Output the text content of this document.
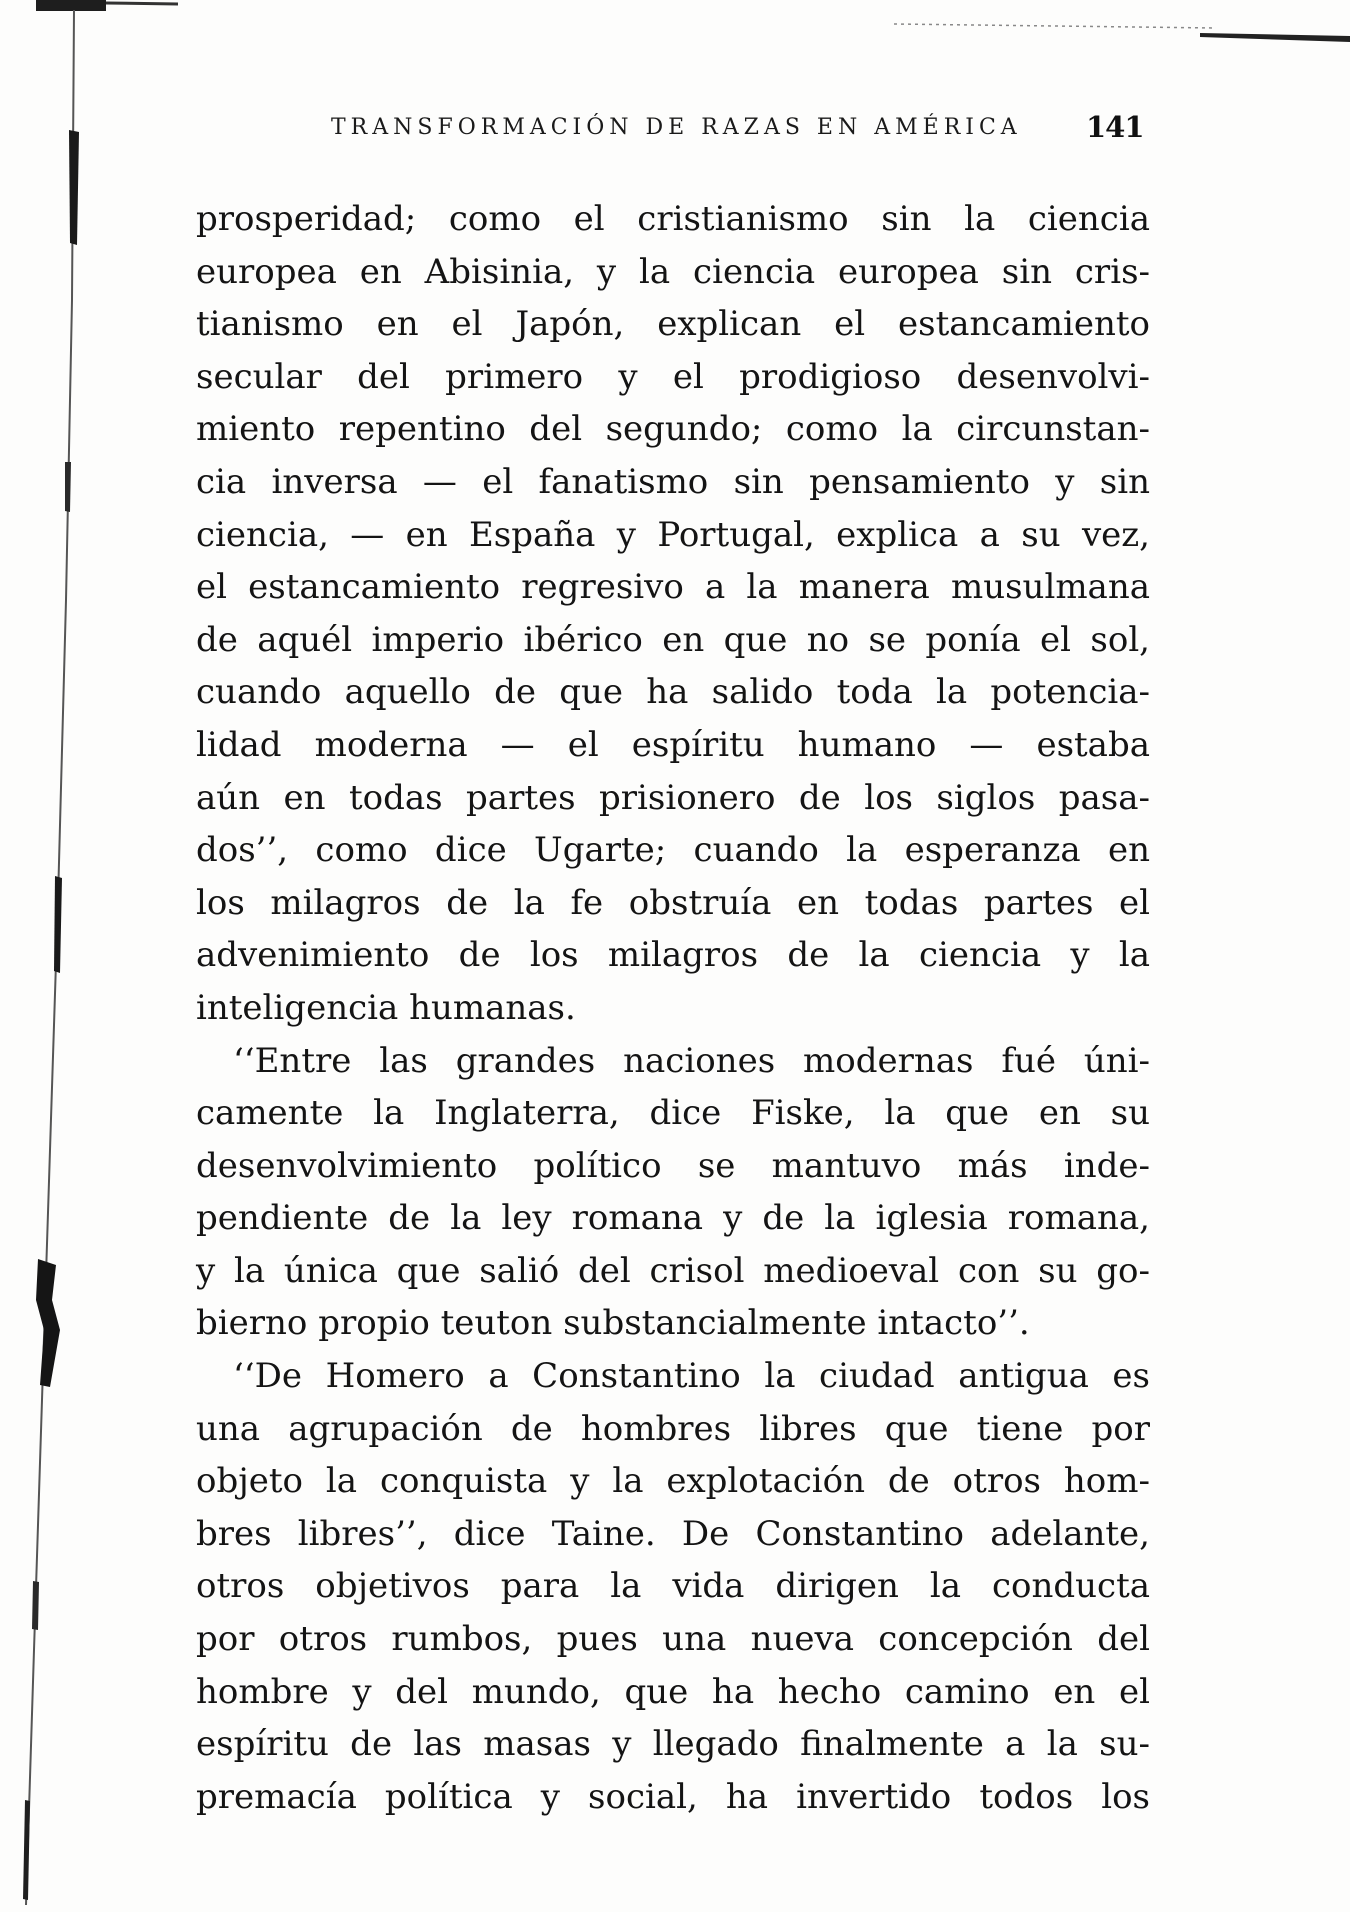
TRANSFORMACIÓN DE RAZAS EN AMÉRICA 141
prosperidad; como el cristianismo sin la ciencia
europea en Abisinia, y la ciencia europea sin cris-
tianismo en el Japón, explican el estancamiento
secular del primero y el prodigioso desenvolvi-
miento repentino del segundo; como la circunstan-
cia inversa — el fanatismo sin pensamiento y sin
ciencia, — en España y Portugal, explica a su vez,
el estancamiento regresivo a la manera musulmana
de aquél imperio ibérico en que no se ponía el sol,
cuando aquello de que ha salido toda la potencia-
lidad moderna — el espíritu humano — estaba
aún en todas partes prisionero de los siglos pasa-
dos’’, como dice Ugarte; cuando la esperanza en
los milagros de la fe obstruía en todas partes el
advenimiento de los milagros de la ciencia y la
inteligencia humanas.
‘‘Entre las grandes naciones modernas fué úni-
camente la Inglaterra, dice Fiske, la que en su
desenvolvimiento político se mantuvo más inde-
pendiente de la ley romana y de la iglesia romana,
y la única que salió del crisol medioeval con su go-
bierno propio teuton substancialmente intacto’’.
‘‘De Homero a Constantino la ciudad antigua es
una agrupación de hombres libres que tiene por
objeto la conquista y la explotación de otros hom-
bres libres’’, dice Taine. De Constantino adelante,
otros objetivos para la vida dirigen la conducta
por otros rumbos, pues una nueva concepción del
hombre y del mundo, que ha hecho camino en el
espíritu de las masas y llegado finalmente a la su-
premacía política y social, ha invertido todos los
